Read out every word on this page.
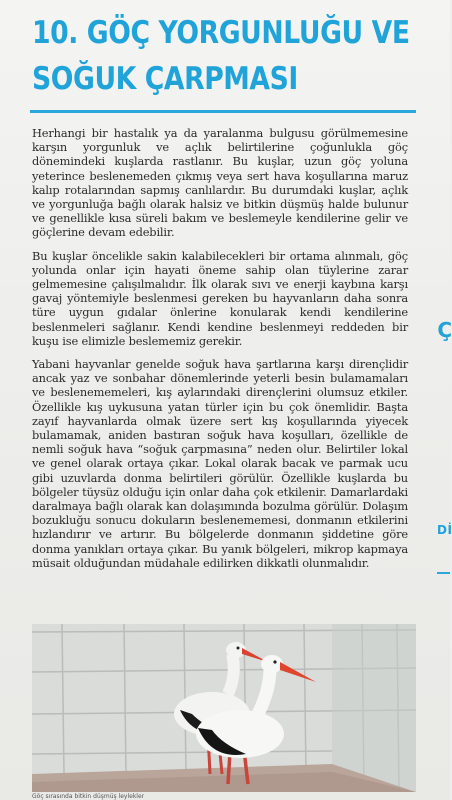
10. GÖÇ YORGUNLUĞU VE
SOĞUK ÇARPMASI

Herhangi bir hastalık ya da yaralanma bulgusu görülmemesine karşın yorgunluk ve açlık belirtilerine çoğunlukla göç dönemindeki kuşlarda rastlanır. Bu kuşlar, uzun göç yoluna yeterince beslenemeden çıkmış veya sert hava koşullarına maruz kalıp rotalarından sapmış canlılardır. Bu durumdaki kuşlar, açlık ve yorgunluğa bağlı olarak halsiz ve bitkin düşmüş halde bulunur ve genellikle kısa süreli bakım ve beslemeyle kendilerine gelir ve göçlerine devam edebilir.

Bu kuşlar öncelikle sakin kalabilecekleri bir ortama alınmalı, göç yolunda onlar için hayati öneme sahip olan tüylerine zarar gelmemesine çalışılmalıdır. İlk olarak sıvı ve enerji kaybına karşı gavaj yöntemiyle beslenmesi gereken bu hayvanların daha sonra türe uygun gıdalar önlerine konularak kendi kendilerine beslenmeleri sağlanır. Kendi kendine beslenmeyi reddeden bir kuşu ise elimizle beslememiz gerekir.

Yabani hayvanlar genelde soğuk hava şartlarına karşı dirençlidir ancak yaz ve sonbahar dönemlerinde yeterli besin bulamamaları ve beslenememeleri, kış aylarındaki dirençlerini olumsuz etkiler. Özellikle kış uykusuna yatan türler için bu çok önemlidir. Başta zayıf hayvanlarda olmak üzere sert kış koşullarında yiyecek bulamamak, aniden bastıran soğuk hava koşulları, özellikle de nemli soğuk hava “soğuk çarpmasına” neden olur. Belirtiler lokal ve genel olarak ortaya çıkar. Lokal olarak bacak ve parmak ucu gibi uzuvlarda donma belirtileri görülür. Özellikle kuşlarda bu bölgeler tüysüz olduğu için onlar daha çok etkilenir. Damarlardaki daralmaya bağlı olarak kan dolaşımında bozulma görülür. Dolaşım bozukluğu sonucu dokuların beslenememesi, donmanın etkilerini hızlandırır ve artırır. Bu bölgelerde donmanın şiddetine göre donma yanıkları ortaya çıkar. Bu yanık bölgeleri, mikrop kapmaya müsait olduğundan müdahale edilirken dikkatli olunmalıdır.

Ç
Dİ
Göç sırasında bitkin düşmüş leylekler
